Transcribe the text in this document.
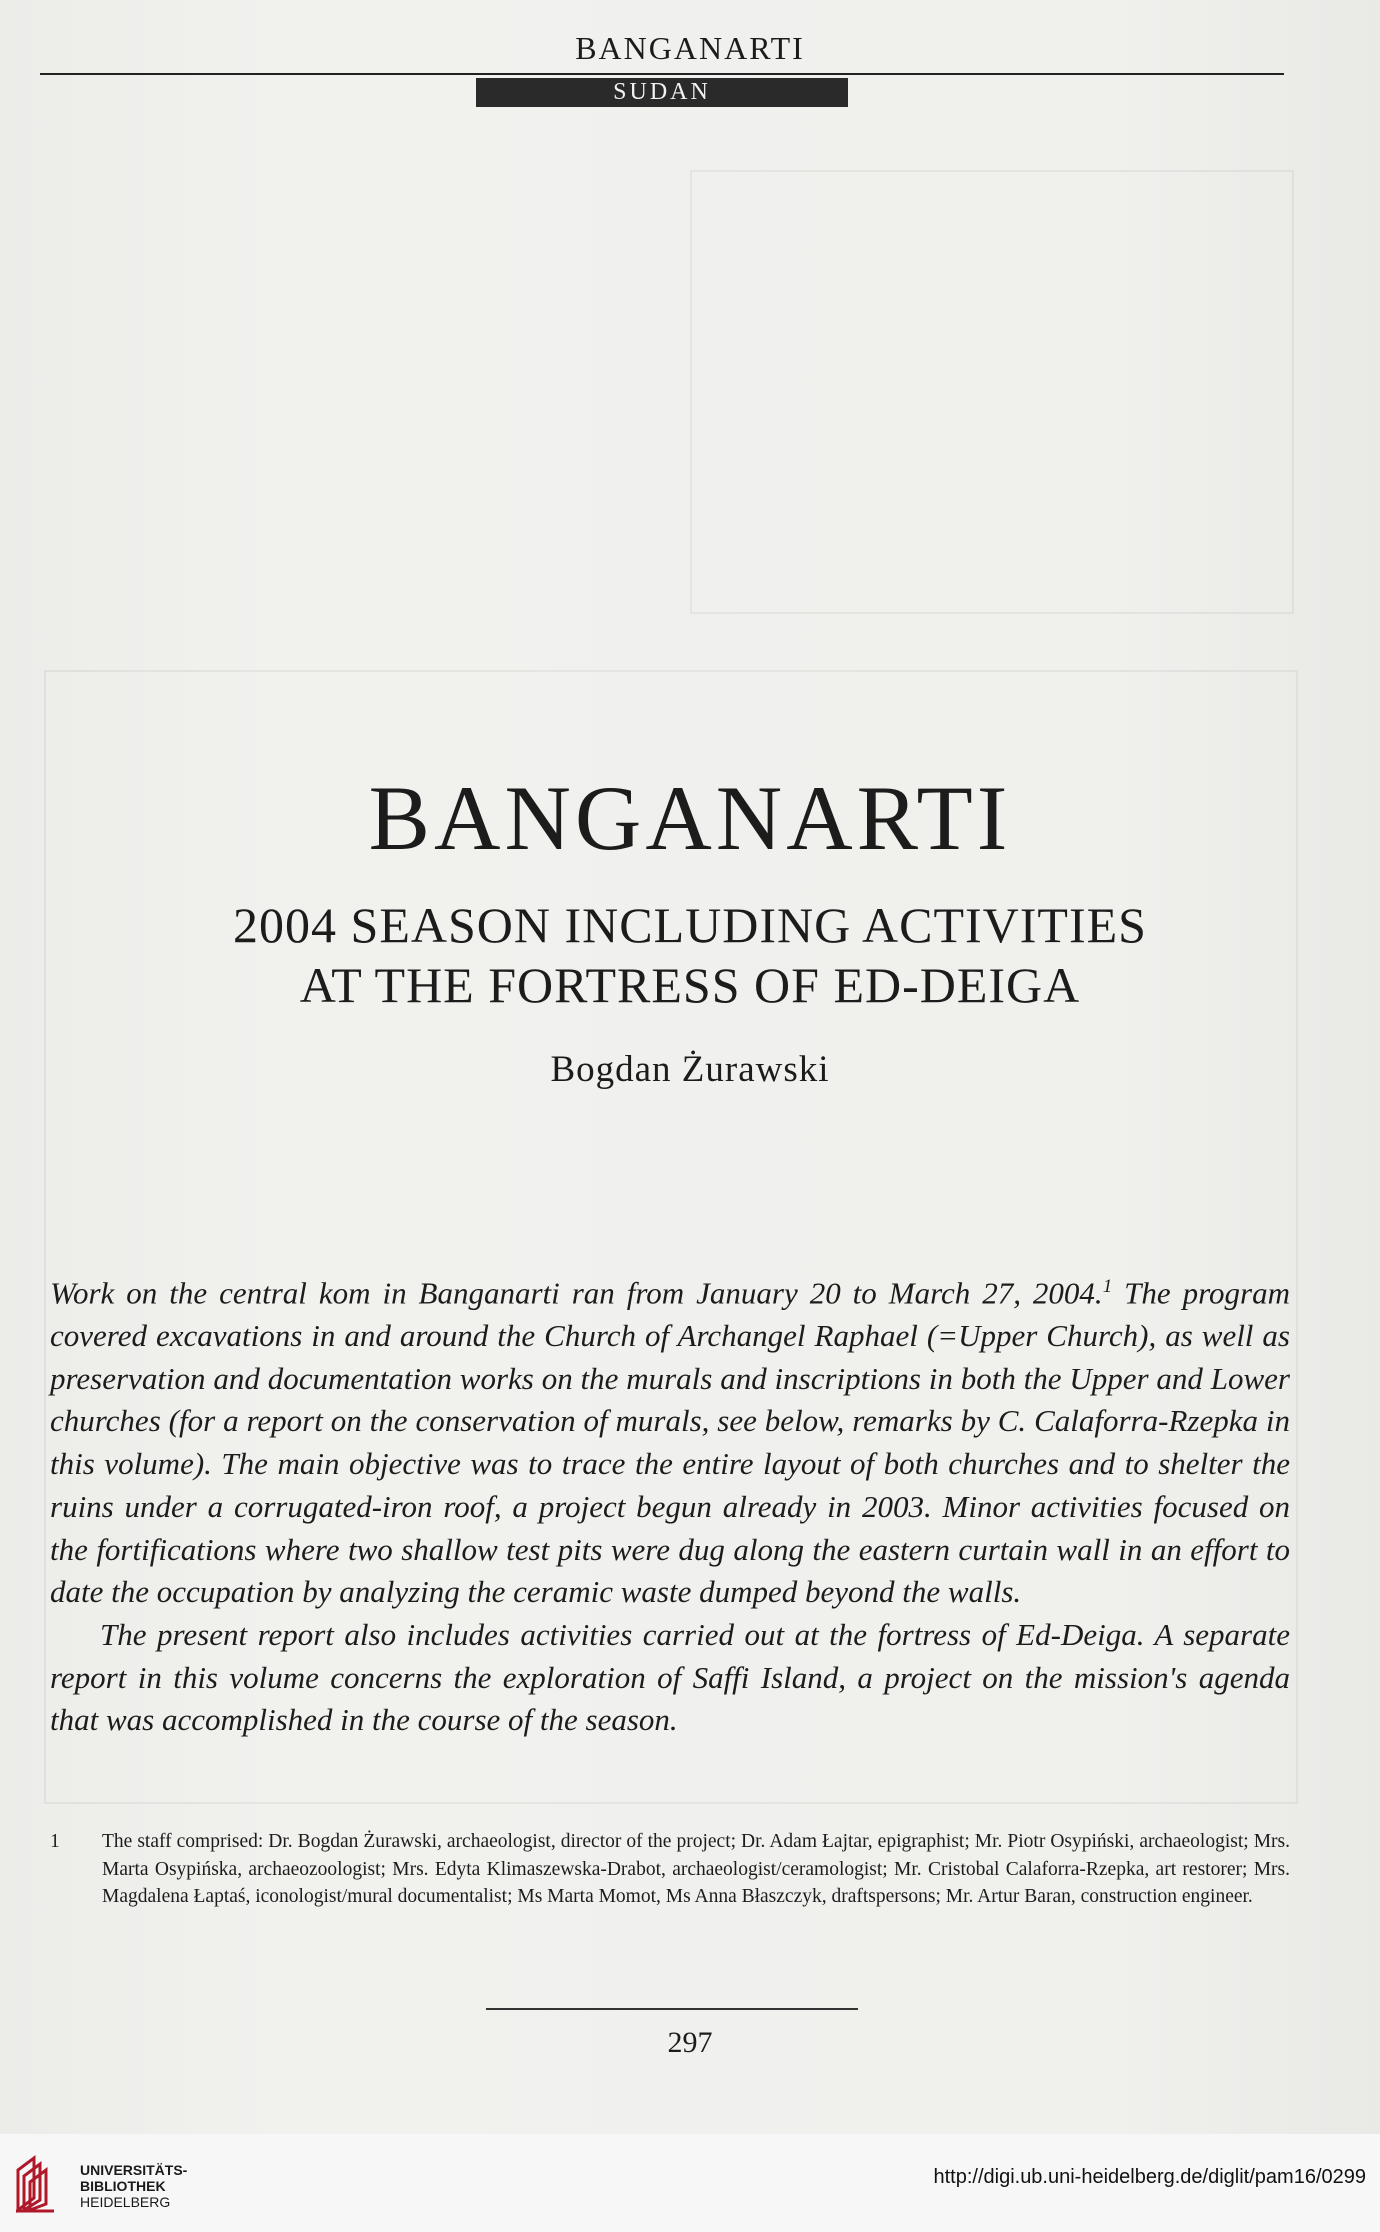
BANGANARTI
SUDAN
BANGANARTI
2004 SEASON INCLUDING ACTIVITIES
AT THE FORTRESS OF ED-DEIGA
Bogdan Żurawski

Work on the central kom in Banganarti ran from January 20 to March 27, 2004.$^1$ The program covered excavations in and around the Church of Archangel Raphael (=Upper Church), as well as preservation and documentation works on the murals and inscriptions in both the Upper and Lower churches (for a report on the conservation of murals, see below, remarks by C. Calaforra-Rzepka in this volume). The main objective was to trace the entire layout of both churches and to shelter the ruins under a corrugated-iron roof, a project begun already in 2003. Minor activities focused on the fortifications where two shallow test pits were dug along the eastern curtain wall in an effort to date the occupation by analyzing the ceramic waste dumped beyond the walls.

The present report also includes activities carried out at the fortress of Ed-Deiga. A separate report in this volume concerns the exploration of Saffi Island, a project on the mission's agenda that was accomplished in the course of the season.

1 The staff comprised: Dr. Bogdan Żurawski, archaeologist, director of the project; Dr. Adam Łajtar, epigraphist; Mr. Piotr Osypiński, archaeologist; Mrs. Marta Osypińska, archaeozoologist; Mrs. Edyta Klimaszewska-Drabot, archaeologist/ceramologist; Mr. Cristobal Calaforra-Rzepka, art restorer; Mrs. Magdalena Łaptaś, iconologist/mural documentalist; Ms Marta Momot, Ms Anna Błaszczyk, draftspersons; Mr. Artur Baran, construction engineer.
297
UNIVERSITÄTS-
BIBLIOTHEK
HEIDELBERG
http://digi.ub.uni-heidelberg.de/diglit/pam16/0299
